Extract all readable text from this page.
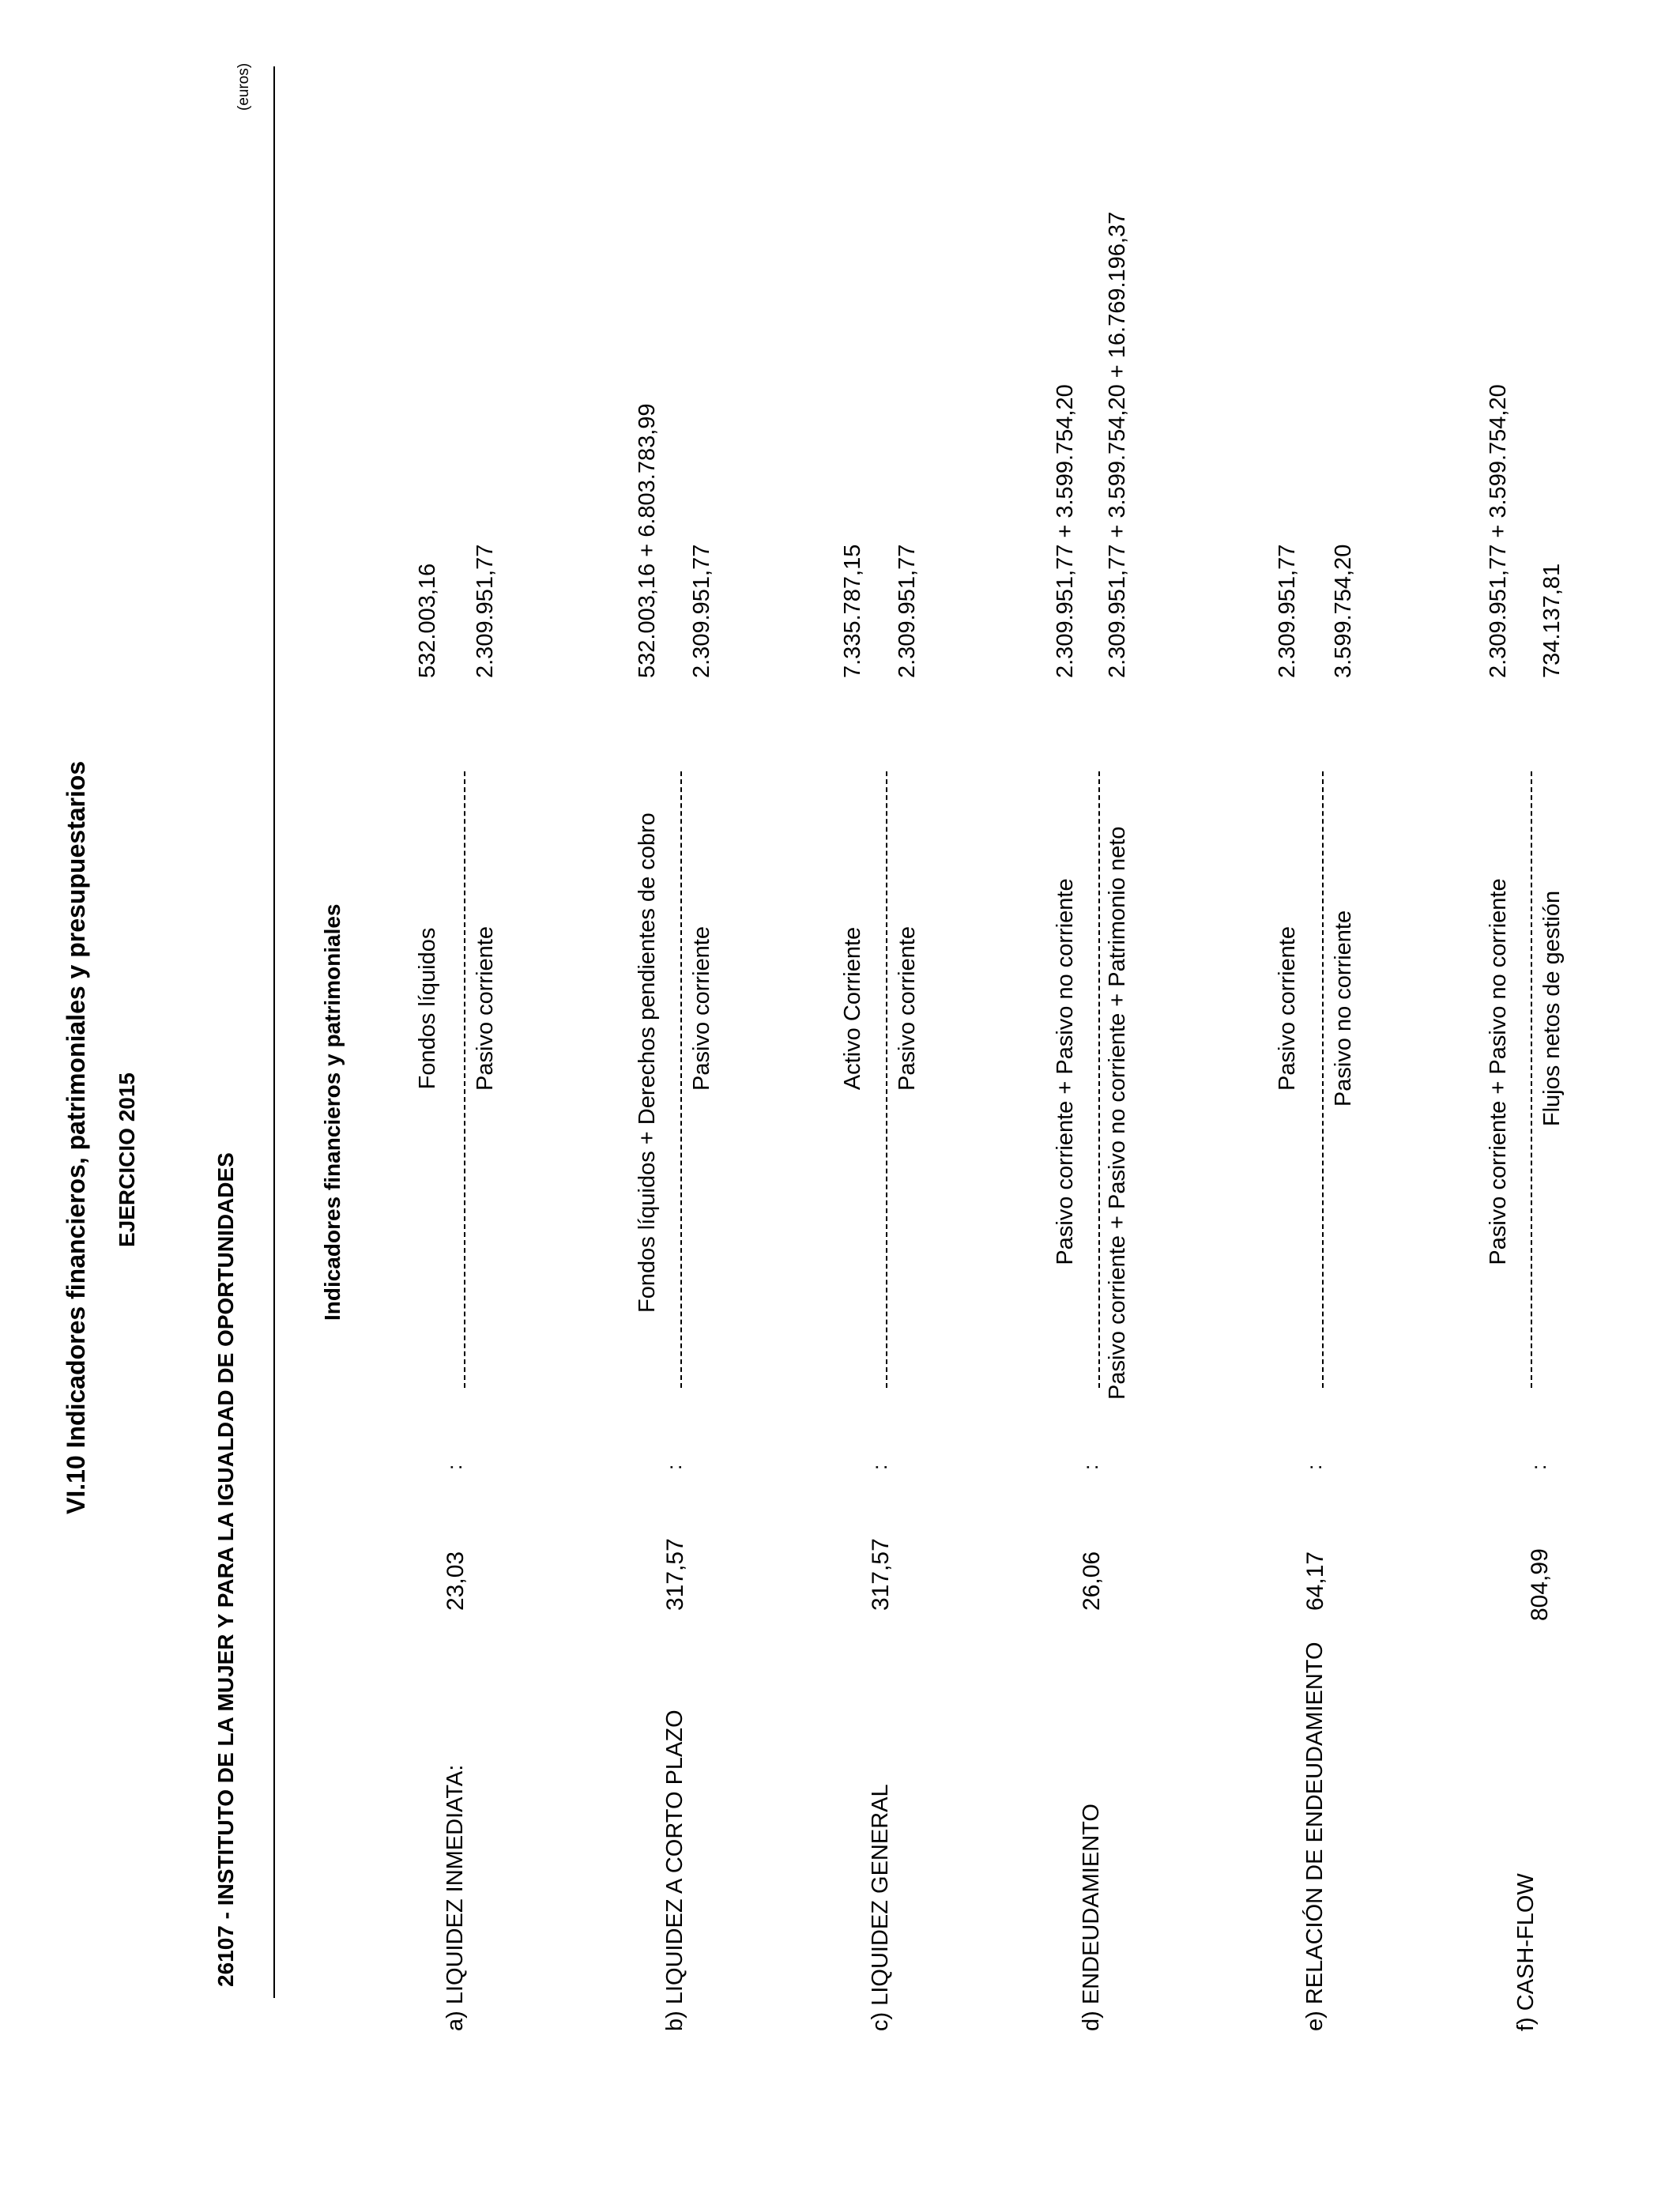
VI.10 Indicadores financieros, patrimoniales y presupuestarios EJERCICIO 2015	26107 - INSTITUTO DE LA MUJER Y PARA LA IGUALDAD DE OPORTUNIDADES
(euros)
Indicadores financieros y patrimoniales
a) LIQUIDEZ INMEDIATA:
23,03
:
Fondos líquidos Pasivo corriente
532.003,16 2.309.951,77
b) LIQUIDEZ A CORTO PLAZO
317,57
:
Fondos líquidos + Derechos pendientes de cobro Pasivo corriente
532.003,16 + 6.803.783,99 2.309.951,77
c) LIQUIDEZ GENERAL
317,57
:
Activo Corriente Pasivo corriente
7.335.787,15 2.309.951,77
d) ENDEUDAMIENTO
26,06
:
Pasivo corriente + Pasivo no corriente Pasivo corriente + Pasivo no corriente + Patrimonio neto
2.309.951,77 + 3.599.754,20 2.309.951,77 + 3.599.754,20 + 16.769.196,37
e) RELACIÓN DE ENDEUDAMIENTO
64,17
:
Pasivo corriente Pasivo no corriente
2.309.951,77 3.599.754,20
f) CASH-FLOW
804,99
:
Pasivo corriente + Pasivo no corriente Flujos netos de gestión
2.309.951,77 + 3.599.754,20 734.137,81
